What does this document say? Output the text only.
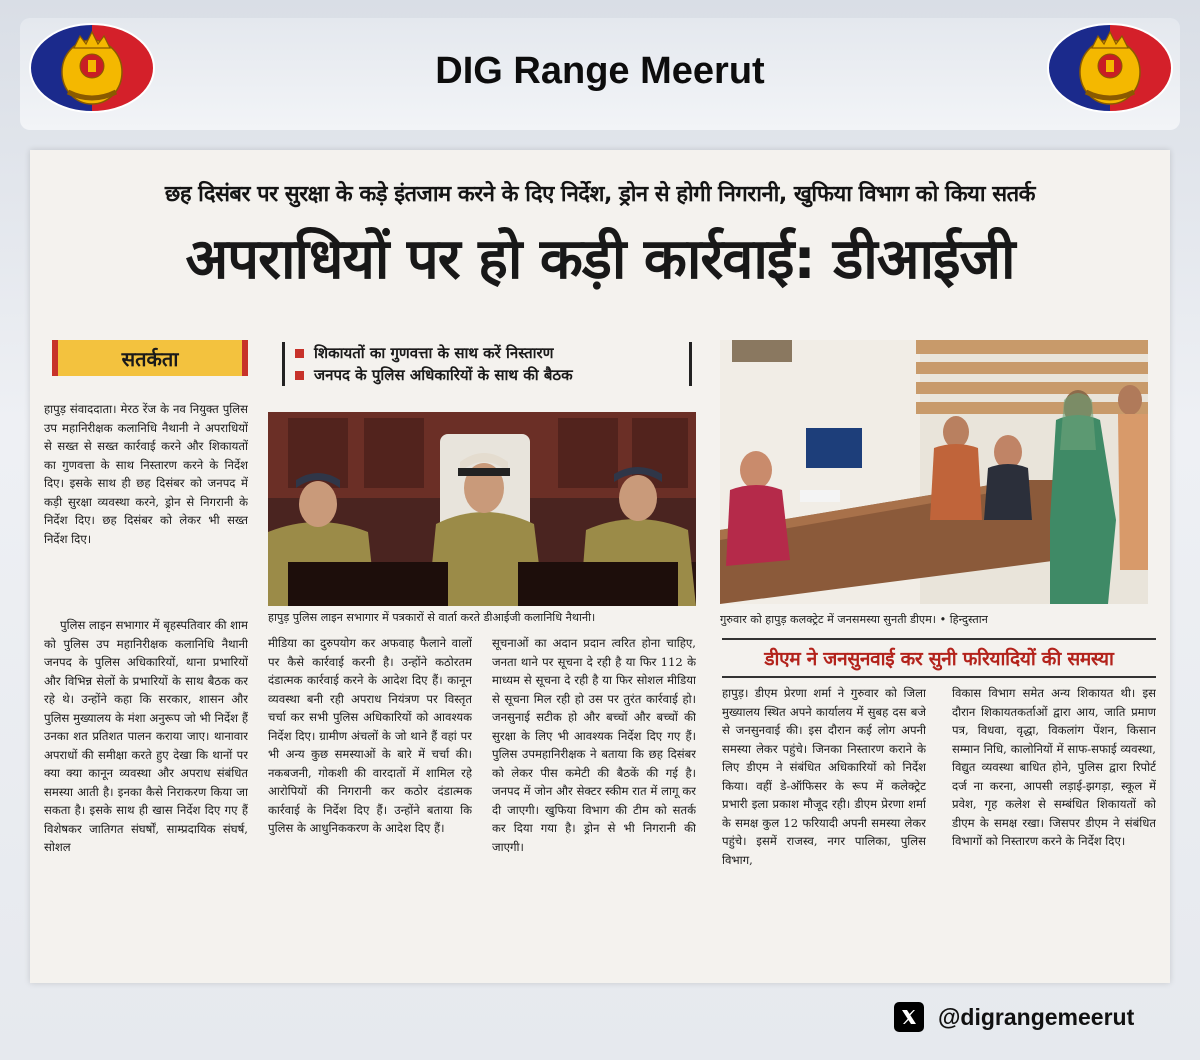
DIG Range Meerut
छह दिसंबर पर सुरक्षा के कड़े इंतजाम करने के दिए निर्देश, ड्रोन से होगी निगरानी, खुफिया विभाग को किया सतर्क
अपराधियों पर हो कड़ी कार्रवाई: डीआईजी
सतर्कता	शिकायतों का गुणवत्ता के साथ करें निस्तारण
जनपद के पुलिस अधिकारियों के साथ की बैठक
हापुड़ संवाददाता। मेरठ रेंज के नव नियुक्त पुलिस उप महानिरीक्षक कलानिधि नैथानी ने अपराधियों से सख्त से सख्त कार्रवाई करने और शिकायतों का गुणवत्ता के साथ निस्तारण करने के निर्देश दिए। इसके साथ ही छह दिसंबर को जनपद में कड़ी सुरक्षा व्यवस्था करने, ड्रोन से निगरानी के निर्देश दिए। छह दिसंबर को लेकर भी सख्त निर्देश दिए।
पुलिस लाइन सभागार में बृहस्पतिवार की शाम को पुलिस उप महानिरीक्षक कलानिधि नैथानी जनपद के पुलिस अधिकारियों, थाना प्रभारियों और विभिन्न सेलों के प्रभारियों के साथ बैठक कर रहे थे। उन्होंने कहा कि सरकार, शासन और पुलिस मुख्यालय के मंशा अनुरूप जो भी निर्देश हैं उनका शत प्रतिशत पालन कराया जाए। थानावार अपराधों की समीक्षा करते हुए देखा कि थानों पर क्या क्या कानून व्यवस्था और अपराध संबंधित समस्या आती है। इनका कैसे निराकरण किया जा सकता है। इसके साथ ही खास निर्देश दिए गए हैं विशेषकर जातिगत संघर्षों, साम्प्रदायिक संघर्ष, सोशल
हापुड़ पुलिस लाइन सभागार में पत्रकारों से वार्ता करते डीआईजी कलानिधि नैथानी।
मीडिया का दुरुपयोग कर अफवाह फैलाने वालों पर कैसे कार्रवाई करनी है। उन्होंने कठोरतम दंडात्मक कार्रवाई करने के आदेश दिए हैं। कानून व्यवस्था बनी रही अपराध नियंत्रण पर विस्तृत चर्चा कर सभी पुलिस अधिकारियों को आवश्यक निर्देश दिए। ग्रामीण अंचलों के जो थाने हैं वहां पर भी अन्य कुछ समस्याओं के बारे में चर्चा की। नकबजनी, गोकशी की वारदातों में शामिल रहे आरोपियों की निगरानी कर कठोर दंडात्मक कार्रवाई के निर्देश दिए हैं। उन्होंने बताया कि पुलिस के आधुनिककरण के आदेश दिए हैं।
सूचनाओं का अदान प्रदान त्वरित होना चाहिए, जनता थाने पर सूचना दे रही है या फिर 112 के माध्यम से सूचना दे रही है या फिर सोशल मीडिया से सूचना मिल रही हो उस पर तुरंत कार्रवाई हो। जनसुनाई सटीक हो और बच्चों और बच्चों की सुरक्षा के लिए भी आवश्यक निर्देश दिए गए हैं। पुलिस उपमहानिरीक्षक ने बताया कि छह दिसंबर को लेकर पीस कमेटी की बैठकें की गई है। जनपद में जोन और सेक्टर स्कीम रात में लागू कर दी जाएगी। खुफिया विभाग की टीम को सतर्क कर दिया गया है। ड्रोन से भी निगरानी की जाएगी।
गुरुवार को हापुड़ कलक्ट्रेट में जनसमस्या सुनती डीएम। • हिन्दुस्तान
डीएम ने जनसुनवाई कर सुनी फरियादियों की समस्या
हापुड़। डीएम प्रेरणा शर्मा ने गुरुवार को जिला मुख्यालय स्थित अपने कार्यालय में सुबह दस बजे से जनसुनवाई की। इस दौरान कई लोग अपनी समस्या लेकर पहुंचे। जिनका निस्तारण कराने के लिए डीएम ने संबंधित अधिकारियों को निर्देश किया। वहीं डे-ऑफिसर के रूप में कलेक्ट्रेट प्रभारी इला प्रकाश मौजूद रही। डीएम प्रेरणा शर्मा के समक्ष कुल 12 फरियादी अपनी समस्या लेकर पहुंचे। इसमें राजस्व, नगर पालिका, पुलिस विभाग,
विकास विभाग समेत अन्य शिकायत थी। इस दौरान शिकायतकर्ताओं द्वारा आय, जाति प्रमाण पत्र, विधवा, वृद्धा, विकलांग पेंशन, किसान सम्मान निधि, कालोनियों में साफ-सफाई व्यवस्था, विद्युत व्यवस्था बाधित होने, पुलिस द्वारा रिपोर्ट दर्ज ना करना, आपसी लड़ाई-झगड़ा, स्कूल में प्रवेश, गृह कलेश से सम्बंधित शिकायतों को डीएम के समक्ष रखा। जिसपर डीएम ने संबंधित विभागों को निस्तारण करने के निर्देश दिए।
@digrangemeerut
